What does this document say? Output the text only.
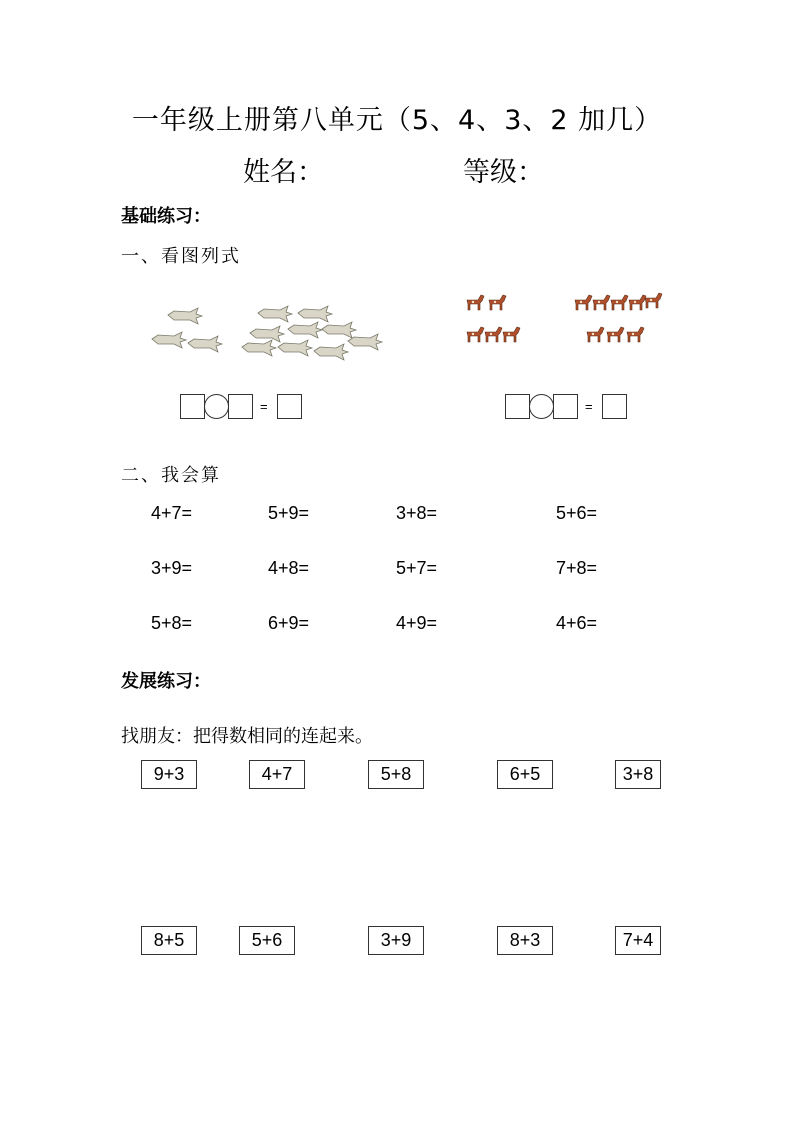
一年级上册第八单元（5、4、3、2 加几）
姓名：	等级：
基础练习：
一、看图列式
=	=
二、我会算
4+7=	5+9=	3+8=	5+6=
3+9=	4+8=	5+7=	7+8=
5+8=	6+9=	4+9=	4+6=
发展练习：
找朋友：把得数相同的连起来。
9+3	4+7	5+8	6+5	3+8
8+5	5+6	3+9	8+3	7+4
